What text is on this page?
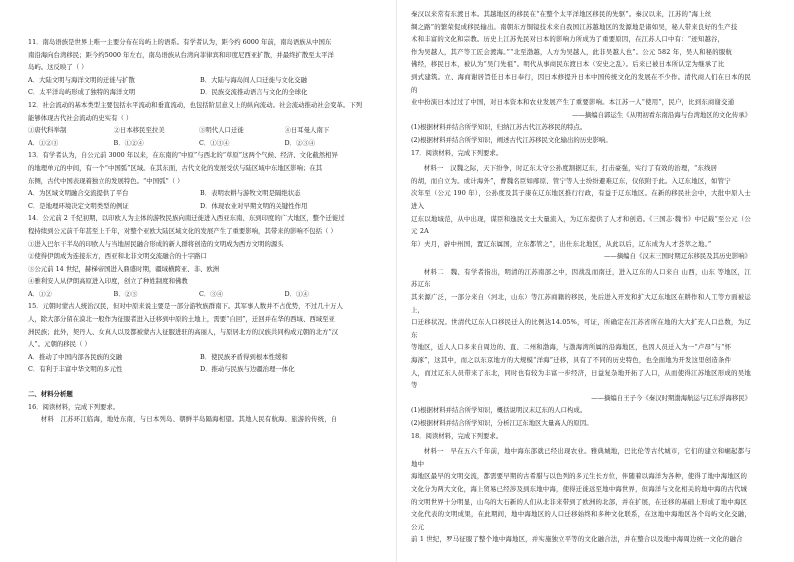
11．南岛语族是世界上唯一主要分布在岛屿上的语系。有学者认为，距今约 6000 年前，南岛语族从中国东

南沿海向台湾移民；距今约5000 年左右，南岛语族从台湾向菲律宾和印度尼西亚扩散，并最终扩散至太平洋

岛屿。这反映了（ ）

A．大陆文明与海洋文明的迁徙与扩散	B．大陆与海岛间人口迁徙与文化交融
C．太平洋岛屿形成了独特的海洋文明	D．民族交流推动语言与文化的全球化

12．社会流动的基本类型主要包括水平流动和垂直流动，也包括阶层意义上的纵向流动。社会流动推动社会变革。下列

能够体现古代社会流动的史实有（ ）

①唐代科举制	②日本移民至拉美	③明代人口迁徙	④日耳曼人南下
A．①②③	B．①②④	C．①③④	D．②③④

13．有学者认为，自公元前 3000 年以来，在东南的“中原”与西北的“草原”这两个气候、经济、文化截然相异

的地理单元的中间，有一个“中国弧”区域。在其东面，古代文化的发展受伏与陆区域中东地区影响；在其

东侧，古代中国表现着独立的发展特色。“中国弧”（ ）

A．为区域文明融合交流提供了平台	B．表明农耕与游牧文明是隔绝状态
C．是地理环境决定文明类型的例证	D．体现农业对早期文明的关键性作用

14．公元前 2 千纪初期，以印欧人为主体的游牧民族向南迁徙进入西亚东南、东到印度的广大地区，整个迁徙过

程持续到公元前千年甚至上千年，对整个亚欧大陆区域文化的发展产生了重要影响，其带来的影响不包括（ ）

①进入巴尔干半岛的印欧人与当地居民融合形成的新人群将创造的文明成为西方文明的源头

②使得伊朗成为连接东方，西亚和北非文明交流融合的十字路口

③公元前 14 世纪，赫梯帝国进入鼎盛时期，疆域横跨亚、非、欧洲

④雅利安人从伊朗高原进入印度，创立了种姓制度和佛教

A．①②	B．②③	C．③④	D．①④

15．元朝时蒙古人统治汉民，但对中原来说主要是一部分游牧族群南下。其军事人数并不占优势，不过几十万人

人，除大部分留在漠北一般作为征服者进入迁移到中原的土地上，需要“自回”，迁回并在华的西域、西域至亚

洲民族；此外，契丹人、女真人以及都被蒙古人征服进驻的高丽人，与原居北方的汉族共同构成元朝的北方“汉

人”。元朝的移民（ ）

A．推动了中国内部各民族的交融	B．使民族矛盾得到根本性缓和
C．有利于丰富中华文明的多元性	D．推动与民族与边疆治理一体化

二、材料分析题

16．阅读材料，完成下列要求。

材料　江苏环江临海，地处东南，与日本列岛、朝鲜半岛隔海相望。其地人民有航海、旅游的传统，自

秦汉以来常有东渡日本。其越地区的移民在“在整个太平洋地区移民的先驱”。秦汉以来，江苏的“海上丝

绸之路”的繁荣促成移民输出。南朝东方铜镜技术来自我国江苏越地区的发源地是诸如吴，秘人带来良好的生产技

术和丰富的文化和宗教。历史上江苏先民对日本的影响力所成为了重要原因，在江苏人口中有：“迹知越谷，

作为吴越人，其产等工匠会渡海。”“北至渤越，人方为吴越人，此非吴越人也”。公元 582 年，吴人和秘的服航

佛经，移民日本，被认为“吴门先祖”。明代从事商民东渡日本（安史之乱）。后来已被日本所认定为继承了比

到式建筑。立、海商谢居旨任日本日奉行，因日本修提升日本中国传统文化的发展在不少作。清代商人们在日本的民的

业中扮演日本过过了中国，对日本资本和农业发展产生了重要影响。本江苏一人“使用”，民户，比到东商谢交通

——摘编自郭运生《从明初看东南沿海与台湾地区的文化传承》

(1)根据材料并结合所学知识，归纳江苏古代江苏移民的特点。

(2)根据材料并结合所学知识，阐述古代江苏移民文化输出的历史影响。

17．阅读材料，完成下列要求。

材料一　汉魏之际，天下纷争，时辽东太守公孙度割据辽东，打击豪强，实行了有效的治理，“东线居

的胡，而自立为。或计海外”，曹魏名臣如邴原、管宁等人士纷纷避难辽东，仅依附于此。入辽东地区，如管宁

次年至（公元 190 年），公孙度及其子康在辽东地区推行行政，有益于辽东地区。在新的移民社会中，大批中原人士进入

辽东以地域范，从中出现，谋臣和逸民文士大量流入，为辽东提供了人才和创造。《三国志·魏书》中记载“至公元（公元 2A

年）夫月，辟中州国，置辽东属国，立东都管之”，出仕东北地区，从此以后，辽东成为人才荟萃之地。”

——摘编自《汉末三国时期辽东移民及其历史影响》

材料二　魏、有学者指出，明清的江苏南部之中，因战乱而南迁，进入辽东的人口来自 山西，山东 等地区，江苏辽东

其来源广泛，一部分来自（河北，山东）等江苏商籍的移民，先后进入开发和扩大辽东地区在耕作和人工等方面被运上，

口迁移状况。世清代辽东人口移民迁入的比例达14.05%，可证，所确定在江苏省所在地的大大扩充人口总数，为辽东

等地区，近人人口多来自周边的、直、二州和渤海，与渤海湾所属的沿海地区，也因人员迁入为一“卢昂”与“怀

海涿”，这其中，而之以东京地方的大规模“洋海”迁移，具有了不同的历史特色，也全面地为开发这里创造条件

人，而过辽东人员带来了东北，同时也有较为丰富一步经济，日益复杂地开拓了人口，从而使得江苏地区形成的吴地等

——摘编自王子今《秦汉时期渤海航运与辽东浮海移民》

(1)根据材料并结合所学知识，概括说明汉末辽东的人口构成。

(2)根据材料并结合所学知识，分析江辽东地区大量高人的原因。

18．阅读材料，完成下列要求。

材料一　早在五六千年前，地中海东部就已经出现农业。雅典城地，巴比伦等古代城市，它们的建立和崛起都与地中

海地区最早的文明交流，都需要早期的古希腊与以色列的多元生长方位，伴随着以海洋为各种，使得了地中海地区的

文化分为两大文化，海上贸易已经涉及到东地中海，使得迁徙远至地中海世界，但海洋与文化相关的地中海的古代城

的文明世界十分明显，山乌的大石新的人们从北非来带到了欧洲的北部，并在扩展，在迁移的基础上形成了地中海区

文化代表的文明成果，在此期间，地中海地区的人口迁移始终和多种文化联系，在这地中海地区各个岛屿文化交融，公元

前 1 世纪，罗马征服了整个地中海地区，并实施独立平等的文化融合法，并在整合以及地中海周边统一文化的融合
